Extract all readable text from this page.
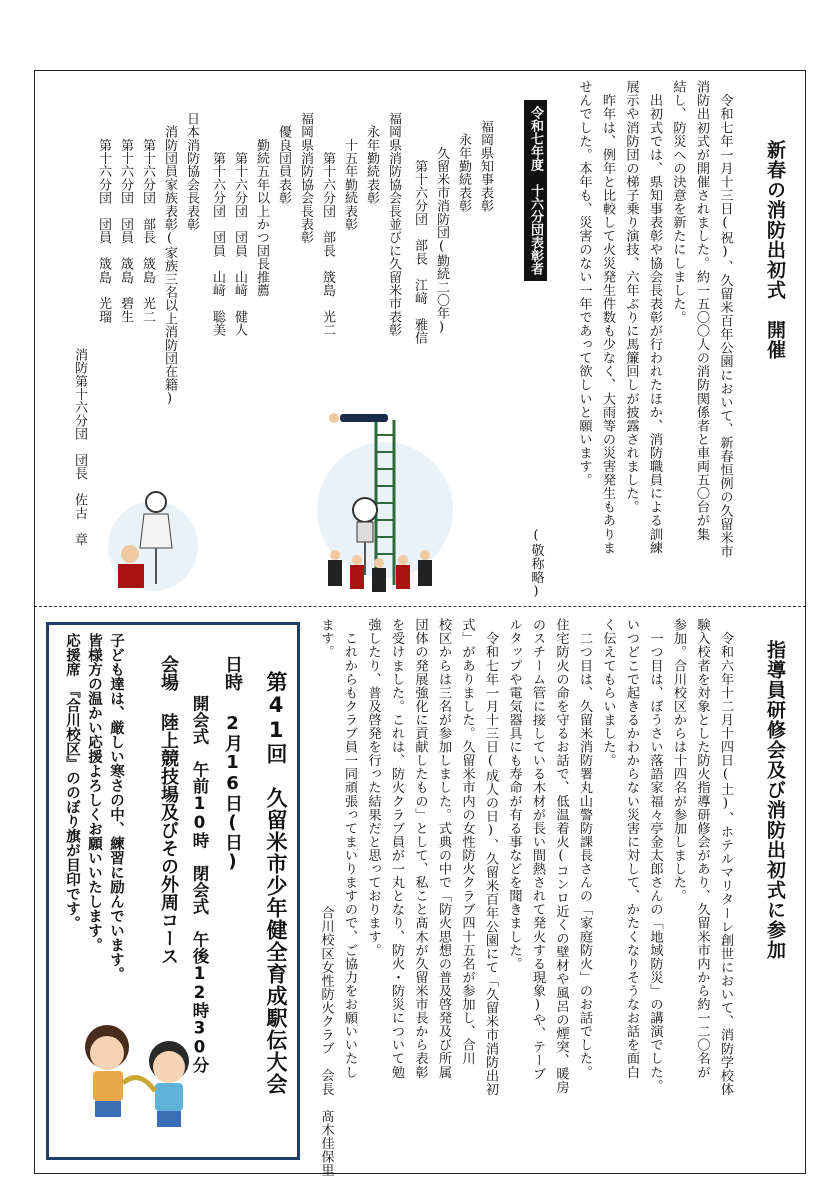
新春の消防出初式　開催
　令和七年一月十三日(祝)、久留米百年公園において、新春恒例の久留米市
消防出初式が開催されました。約一五〇〇人の消防関係者と車両五〇台が集
結し、防災への決意を新たにしました。
　出初式では、県知事表彰や協会長表彰が行われたほか、消防職員による訓練
展示や消防団の梯子乗り演技、六年ぶりに馬簾回しが披露されました。
　昨年は、例年と比較して火災発生件数も少なく、大雨等の災害発生もありま
せんでした。本年も、災害のない一年であって欲しいと願います。
(敬称略)
令和七年度　十六分団表彰者
福岡県知事表彰
　永年勤続表彰
　　久留米市消防団(勤続二〇年)
　　　第十六分団　部長　江﨑　雅信
福岡県消防協会長並びに久留米市表彰
　永年勤続表彰
　　十五年勤続表彰
　　　第十六分団　部長　筬島　光二
福岡県消防協会長表彰
　優良団員表彰
　　勤続五年以上かつ団長推薦
　　　第十六分団　団員　山﨑　健人
　　　第十六分団　団員　山﨑　聡美
日本消防協会長表彰
　消防団員家族表彰(家族三名以上消防団在籍)
　　第十六分団　部長　筬島　光二
　　第十六分団　団員　筬島　碧生
　　第十六分団　団員　筬島　光瑠
消防第十六分団　団長　佐古　章
指導員研修会及び消防出初式に参加
　令和六年十二月十四日(土)、ホテルマリターレ創世において、消防学校体
験入校者を対象とした防火指導研修会があり、久留米市内から約一二〇名が
参加。合川校区からは十四名が参加しました。
　一つ目は、ぼうさい落語家福々亭金太郎さんの「地域防災」の講演でした。
いつどこで起きるかわからない災害に対して、かたくなりそうなお話を面白
く伝えてもらいました。
　二つ目は、久留米消防署丸山警防課長さんの「家庭防火」のお話でした。
住宅防火の命を守るお話で、低温着火(コンロ近くの壁材や風呂の煙突、暖房
のスチーム管に接している木材が長い間熱されて発火する現象)や、テーブ
ルタップや電気器具にも寿命が有る事などを聞きました。
　令和七年一月十三日(成人の日)、久留米百年公園にて「久留米市消防出初
式」がありました。久留米市内の女性防火クラブ四十五名が参加し、合川
校区からは三名が参加しました。式典の中で「防火思想の普及啓発及び所属
団体の発展強化に貢献したもの」として、私こと髙木が久留米市長から表彰
を受けました。これは、防火クラブ員が一丸となり、防火・防災について勉
強したり、普及啓発を行った結果だと思っております。
　これからもクラブ員一同頑張ってまいりますので、ご協力をお願いいたし
ます。
合川校区女性防火クラブ　会長　髙木佳保里
第41回　久留米市少年健全育成駅伝大会
日時
2月16日(日)
開会式　午前10時　閉会式　午後12時30分
会場
陸上競技場及びその外周コース
子ども達は、厳しい寒さの中、練習に励んでいます。
皆様方の温かい応援よろしくお願いいたします。
応援席　『合川校区』ののぼり旗が目印です。
